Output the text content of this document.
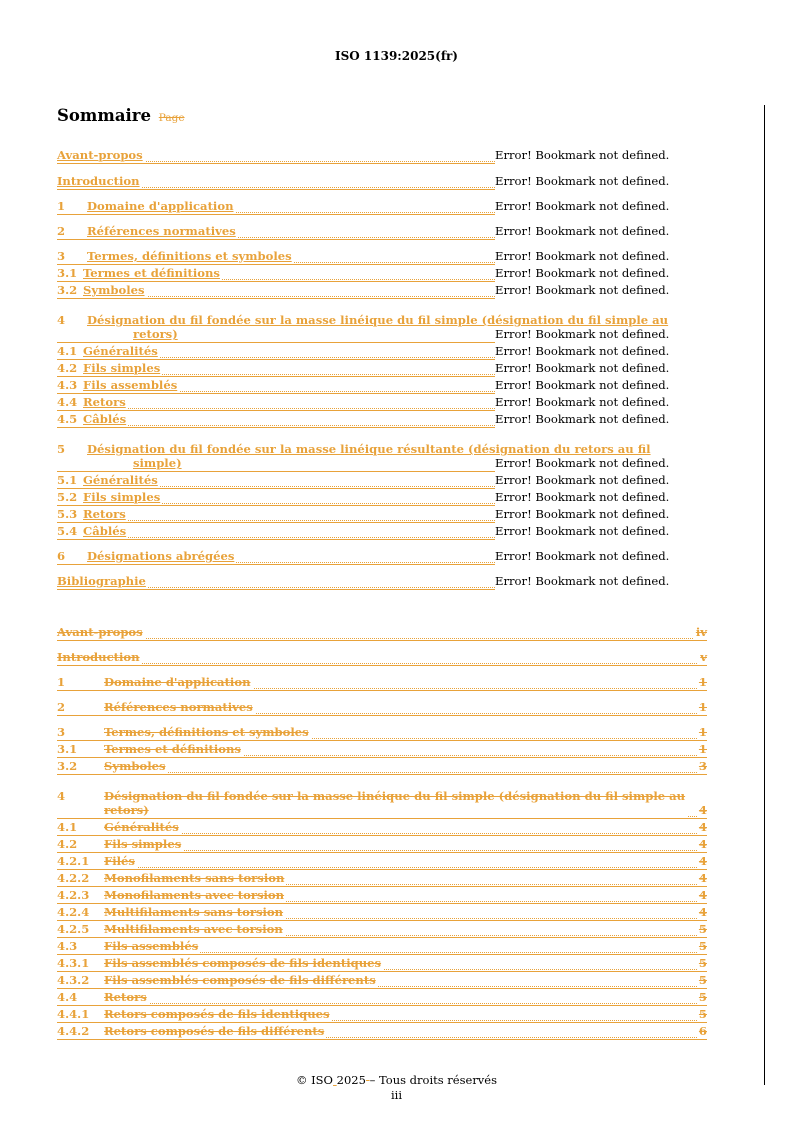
ISO 1139:2025(fr)
Sommaire Page
Avant-propos	Error! Bookmark not defined.
Introduction	Error! Bookmark not defined.
1 Domaine d'application	Error! Bookmark not defined.
2 Références normatives	Error! Bookmark not defined.
3 Termes, définitions et symboles	Error! Bookmark not defined.
3.1 Termes et définitions	Error! Bookmark not defined.
3.2 Symboles	Error! Bookmark not defined.
4 Désignation du fil fondée sur la masse linéique du fil simple (désignation du fil simple au
retors)	Error! Bookmark not defined.
4.1 Généralités	Error! Bookmark not defined.
4.2 Fils simples	Error! Bookmark not defined.
4.3 Fils assemblés	Error! Bookmark not defined.
4.4 Retors	Error! Bookmark not defined.
4.5 Câblés	Error! Bookmark not defined.
5 Désignation du fil fondée sur la masse linéique résultante (désignation du retors au fil
simple)	Error! Bookmark not defined.
5.1 Généralités	Error! Bookmark not defined.
5.2 Fils simples	Error! Bookmark not defined.
5.3 Retors	Error! Bookmark not defined.
5.4 Câblés	Error! Bookmark not defined.
6 Désignations abrégées	Error! Bookmark not defined.
Bibliographie	Error! Bookmark not defined.
Avant-propos	iv
Introduction	v
1	Domaine d'application	1
2	Références normatives	1
3	Termes, définitions et symboles	1
3.1 Termes et définitions	1
3.2 Symboles	3
4	Désignation du fil fondée sur la masse linéique du fil simple (désignation du fil simple au
retors)	4
4.1 Généralités	4
4.2 Fils simples	4
4.2.1 Filés	4
4.2.2 Monofilaments sans torsion	4
4.2.3 Monofilaments avec torsion	4
4.2.4 Multifilaments sans torsion	4
4.2.5 Multifilaments avec torsion	5
4.3 Fils assemblés	5
4.3.1 Fils assemblés composés de fils identiques	5
4.3.2 Fils assemblés composés de fils différents	5
4.4 Retors	5
4.4.1 Retors composés de fils identiques	5
4.4.2 Retors composés de fils différents	6
© ISO 2025 – Tous droits réservés
iii
